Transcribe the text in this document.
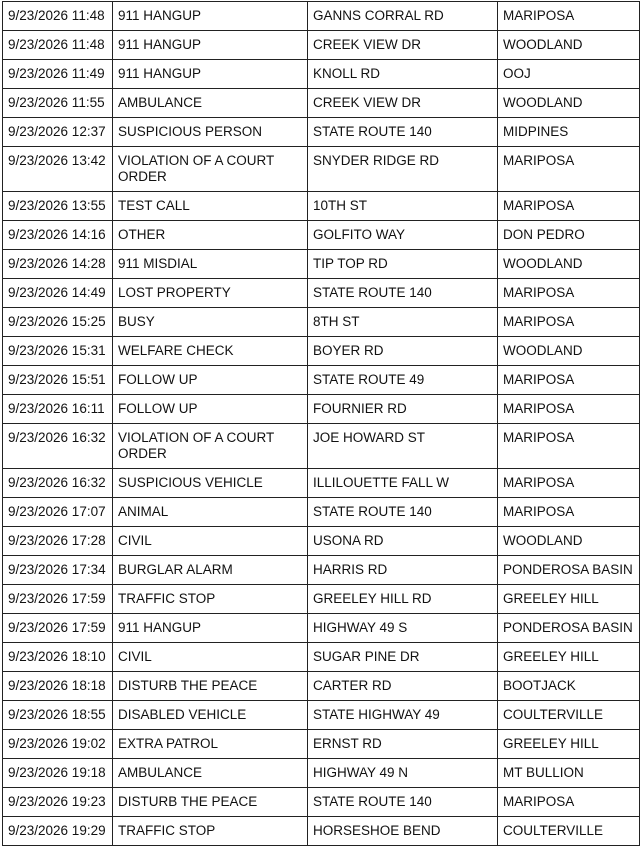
9/23/2026 11:48	911 HANGUP	GANNS CORRAL RD	MARIPOSA
9/23/2026 11:48	911 HANGUP	CREEK VIEW DR	WOODLAND
9/23/2026 11:49	911 HANGUP	KNOLL RD	OOJ
9/23/2026 11:55	AMBULANCE	CREEK VIEW DR	WOODLAND
9/23/2026 12:37	SUSPICIOUS PERSON	STATE ROUTE 140	MIDPINES
9/23/2026 13:42	VIOLATION OF A COURT ORDER	SNYDER RIDGE RD	MARIPOSA
9/23/2026 13:55	TEST CALL	10TH ST	MARIPOSA
9/23/2026 14:16	OTHER	GOLFITO WAY	DON PEDRO
9/23/2026 14:28	911 MISDIAL	TIP TOP RD	WOODLAND
9/23/2026 14:49	LOST PROPERTY	STATE ROUTE 140	MARIPOSA
9/23/2026 15:25	BUSY	8TH ST	MARIPOSA
9/23/2026 15:31	WELFARE CHECK	BOYER RD	WOODLAND
9/23/2026 15:51	FOLLOW UP	STATE ROUTE 49	MARIPOSA
9/23/2026 16:11	FOLLOW UP	FOURNIER RD	MARIPOSA
9/23/2026 16:32	VIOLATION OF A COURT ORDER	JOE HOWARD ST	MARIPOSA
9/23/2026 16:32	SUSPICIOUS VEHICLE	ILLILOUETTE FALL W	MARIPOSA
9/23/2026 17:07	ANIMAL	STATE ROUTE 140	MARIPOSA
9/23/2026 17:28	CIVIL	USONA RD	WOODLAND
9/23/2026 17:34	BURGLAR ALARM	HARRIS RD	PONDEROSA BASIN
9/23/2026 17:59	TRAFFIC STOP	GREELEY HILL RD	GREELEY HILL
9/23/2026 17:59	911 HANGUP	HIGHWAY 49 S	PONDEROSA BASIN
9/23/2026 18:10	CIVIL	SUGAR PINE DR	GREELEY HILL
9/23/2026 18:18	DISTURB THE PEACE	CARTER RD	BOOTJACK
9/23/2026 18:55	DISABLED VEHICLE	STATE HIGHWAY 49	COULTERVILLE
9/23/2026 19:02	EXTRA PATROL	ERNST RD	GREELEY HILL
9/23/2026 19:18	AMBULANCE	HIGHWAY 49 N	MT BULLION
9/23/2026 19:23	DISTURB THE PEACE	STATE ROUTE 140	MARIPOSA
9/23/2026 19:29	TRAFFIC STOP	HORSESHOE BEND	COULTERVILLE
